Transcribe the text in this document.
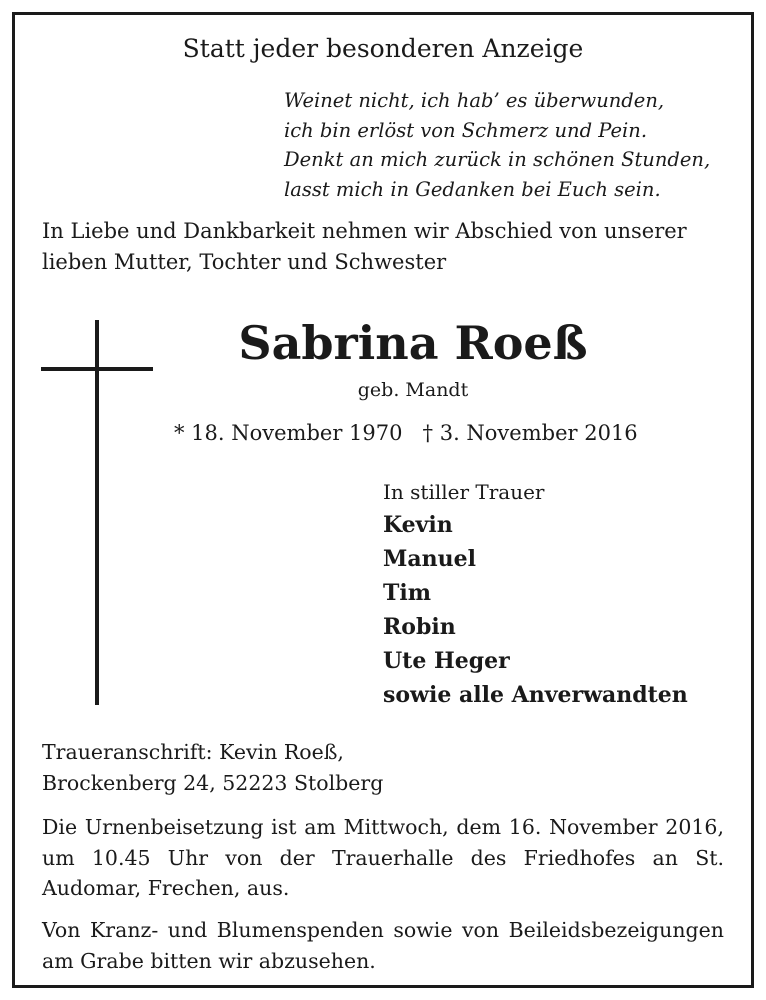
Statt jeder besonderen Anzeige
Weinet nicht, ich hab’ es überwunden,
ich bin erlöst von Schmerz und Pein.
Denkt an mich zurück in schönen Stunden,
lasst mich in Gedanken bei Euch sein.
In Liebe und Dankbarkeit nehmen wir Abschied von unserer lieben Mutter, Tochter und Schwester
Sabrina Roeß
geb. Mandt
* 18. November 1970 † 3. November 2016
In stiller Trauer
Kevin
Manuel
Tim
Robin
Ute Heger
sowie alle Anverwandten
Traueranschrift: Kevin Roeß,
Brockenberg 24, 52223 Stolberg
Die Urnenbeisetzung ist am Mittwoch, dem 16. November 2016, um 10.45 Uhr von der Trauerhalle des Friedhofes an St. Audomar, Frechen, aus.
Von Kranz- und Blumenspenden sowie von Beileidsbezeigungen am Grabe bitten wir abzusehen.
